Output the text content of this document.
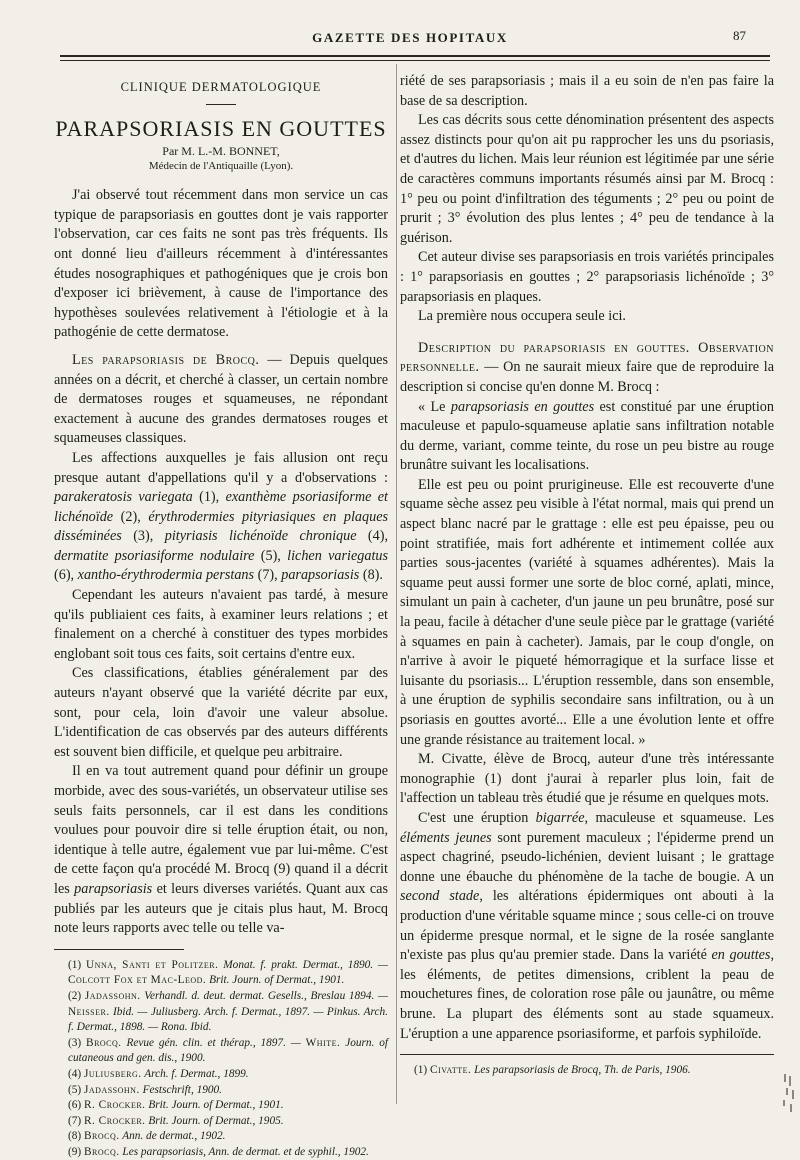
GAZETTE DES HOPITAUX	87

CLINIQUE DERMATOLOGIQUE

PARAPSORIASIS EN GOUTTES

Par M. L.-M. BONNET,

Médecin de l'Antiquaille (Lyon).

J'ai observé tout récemment dans mon service un cas typique de parapsoriasis en gouttes dont je vais rapporter l'observation, car ces faits ne sont pas très fréquents. Ils ont donné lieu d'ailleurs récemment à d'intéressantes études nosographiques et pathogéniques que je crois bon d'exposer ici brièvement, à cause de l'importance des hypothèses soulevées relativement à l'étiologie et à la pathogénie de cette dermatose.

Les parapsoriasis de Brocq. — Depuis quelques années on a décrit, et cherché à classer, un certain nombre de dermatoses rouges et squameuses, ne répondant exactement à aucune des grandes dermatoses rouges et squameuses classiques.

Les affections auxquelles je fais allusion ont reçu presque autant d'appellations qu'il y a d'observations : parakeratosis variegata (1), exanthème psoriasiforme et lichénoïde (2), érythrodermies pityriasiques en plaques disséminées (3), pityriasis lichénoïde chronique (4), dermatite psoriasiforme nodulaire (5), lichen variegatus (6), xantho-érythrodermia perstans (7), parapsoriasis (8).

Cependant les auteurs n'avaient pas tardé, à mesure qu'ils publiaient ces faits, à examiner leurs relations ; et finalement on a cherché à constituer des types morbides englobant soit tous ces faits, soit certains d'entre eux.

Ces classifications, établies généralement par des auteurs n'ayant observé que la variété décrite par eux, sont, pour cela, loin d'avoir une valeur absolue. L'identification de cas observés par des auteurs différents est souvent bien difficile, et quelque peu arbitraire.

Il en va tout autrement quand pour définir un groupe morbide, avec des sous-variétés, un observateur utilise ses seuls faits personnels, car il est dans les conditions voulues pour pouvoir dire si telle éruption était, ou non, identique à telle autre, également vue par lui-même. C'est de cette façon qu'a procédé M. Brocq (9) quand il a décrit les parapsoriasis et leurs diverses variétés. Quant aux cas publiés par les auteurs que je citais plus haut, M. Brocq note leurs rapports avec telle ou telle va-

(1) Unna, Santi et Politzer. Monat. f. prakt. Dermat., 1890. — Colcott Fox et Mac-Leod. Brit. Journ. of Dermat., 1901.

(2) Jadassohn. Verhandl. d. deut. dermat. Gesells., Breslau 1894. — Neisser. Ibid. — Juliusberg. Arch. f. Dermat., 1897. — Pinkus. Arch. f. Dermat., 1898. — Rona. Ibid.

(3) Brocq. Revue gén. clin. et thérap., 1897. — White. Journ. of cutaneous and gen. dis., 1900.

(4) Juliusberg. Arch. f. Dermat., 1899.

(5) Jadassohn. Festschrift, 1900.

(6) R. Crocker. Brit. Journ. of Dermat., 1901.

(7) R. Crocker. Brit. Journ. of Dermat., 1905.

(8) Brocq. Ann. de dermat., 1902.

(9) Brocq. Les parapsoriasis, Ann. de dermat. et de syphil., 1902.

riété de ses parapsoriasis ; mais il a eu soin de n'en pas faire la base de sa description.

Les cas décrits sous cette dénomination présentent des aspects assez distincts pour qu'on ait pu rapprocher les uns du psoriasis, et d'autres du lichen. Mais leur réunion est légitimée par une série de caractères communs importants résumés ainsi par M. Brocq : 1° peu ou point d'infiltration des téguments ; 2° peu ou point de prurit ; 3° évolution des plus lentes ; 4° peu de tendance à la guérison.

Cet auteur divise ses parapsoriasis en trois variétés principales : 1° parapsoriasis en gouttes ; 2° parapsoriasis lichénoïde ; 3° parapsoriasis en plaques.

La première nous occupera seule ici.

Description du parapsoriasis en gouttes. Observation personnelle. — On ne saurait mieux faire que de reproduire la description si concise qu'en donne M. Brocq :

« Le parapsoriasis en gouttes est constitué par une éruption maculeuse et papulo-squameuse aplatie sans infiltration notable du derme, variant, comme teinte, du rose un peu bistre au rouge brunâtre suivant les localisations.

Elle est peu ou point prurigineuse. Elle est recouverte d'une squame sèche assez peu visible à l'état normal, mais qui prend un aspect blanc nacré par le grattage : elle est peu épaisse, peu ou point stratifiée, mais fort adhérente et intimement collée aux parties sous-jacentes (variété à squames adhérentes). Mais la squame peut aussi former une sorte de bloc corné, aplati, mince, simulant un pain à cacheter, d'un jaune un peu brunâtre, posé sur la peau, facile à détacher d'une seule pièce par le grattage (variété à squames en pain à cacheter). Jamais, par le coup d'ongle, on n'arrive à avoir le piqueté hémorragique et la surface lisse et luisante du psoriasis... L'éruption ressemble, dans son ensemble, à une éruption de syphilis secondaire sans infiltration, ou à un psoriasis en gouttes avorté... Elle a une évolution lente et offre une grande résistance au traitement local. »

M. Civatte, élève de Brocq, auteur d'une très intéressante monographie (1) dont j'aurai à reparler plus loin, fait de l'affection un tableau très étudié que je résume en quelques mots.

C'est une éruption bigarrée, maculeuse et squameuse. Les éléments jeunes sont purement maculeux ; l'épiderme prend un aspect chagriné, pseudo-lichénien, devient luisant ; le grattage donne une ébauche du phénomène de la tache de bougie. A un second stade, les altérations épidermiques ont abouti à la production d'une véritable squame mince ; sous celle-ci on trouve un épiderme presque normal, et le signe de la rosée sanglante n'existe pas plus qu'au premier stade. Dans la variété en gouttes, les éléments, de petites dimensions, criblent la peau de mouchetures fines, de coloration rose pâle ou jaunâtre, ou même brune. La plupart des éléments sont au stade squameux. L'éruption a une apparence psoriasiforme, et parfois syphiloïde.

(1) Civatte. Les parapsoriasis de Brocq, Th. de Paris, 1906.
